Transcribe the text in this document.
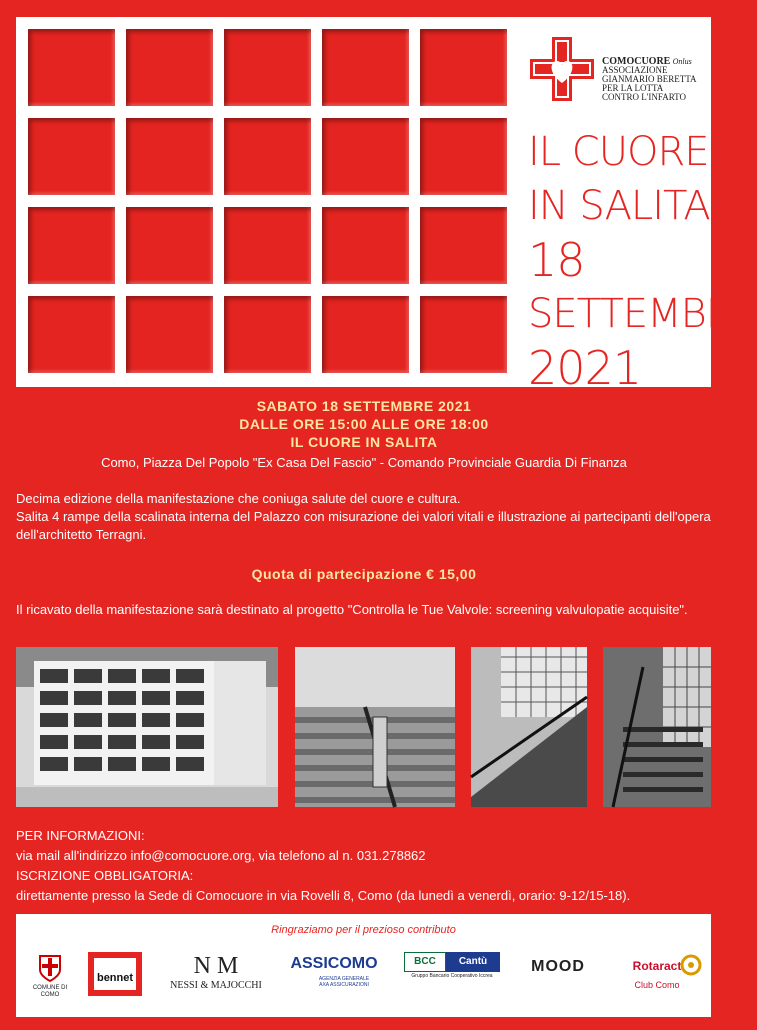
COMOCUORE Onlus
ASSOCIAZIONE
GIANMARIO BERETTA
PER LA LOTTA
CONTRO L'INFARTO
IL CUORE
IN SALITA
18
SETTEMBRE
2021
SABATO 18 SETTEMBRE 2021
DALLE ORE 15:00 ALLE ORE 18:00
IL CUORE IN SALITA
Como, Piazza Del Popolo "Ex Casa Del Fascio" - Comando Provinciale Guardia Di Finanza
Decima edizione della manifestazione che coniuga salute del cuore e cultura.
Salita 4 rampe della scalinata interna del Palazzo con misurazione dei valori vitali e illustrazione ai partecipanti dell'opera dell'architetto Terragni.
Quota di partecipazione € 15,00
Il ricavato della manifestazione sarà destinato al progetto "Controlla le Tue Valvole: screening valvulopatie acquisite".
PER INFORMAZIONI:
via mail all'indirizzo info@comocuore.org, via telefono al n. 031.278862
ISCRIZIONE OBBLIGATORIA:
direttamente presso la Sede di Comocuore in via Rovelli 8, Como (da lunedì a venerdì, orario: 9-12/15-18).
Ringraziamo per il prezioso contributo
COMUNE DI COMO
bennet	N M
NESSI & MAJOCCHI
ASSICOMO
AGENZIA GENERALE AXA ASSICURAZIONI
BCC	Cantù
Gruppo Bancario Cooperativo Iccrea
MOOD	Rotaract
Club Como
